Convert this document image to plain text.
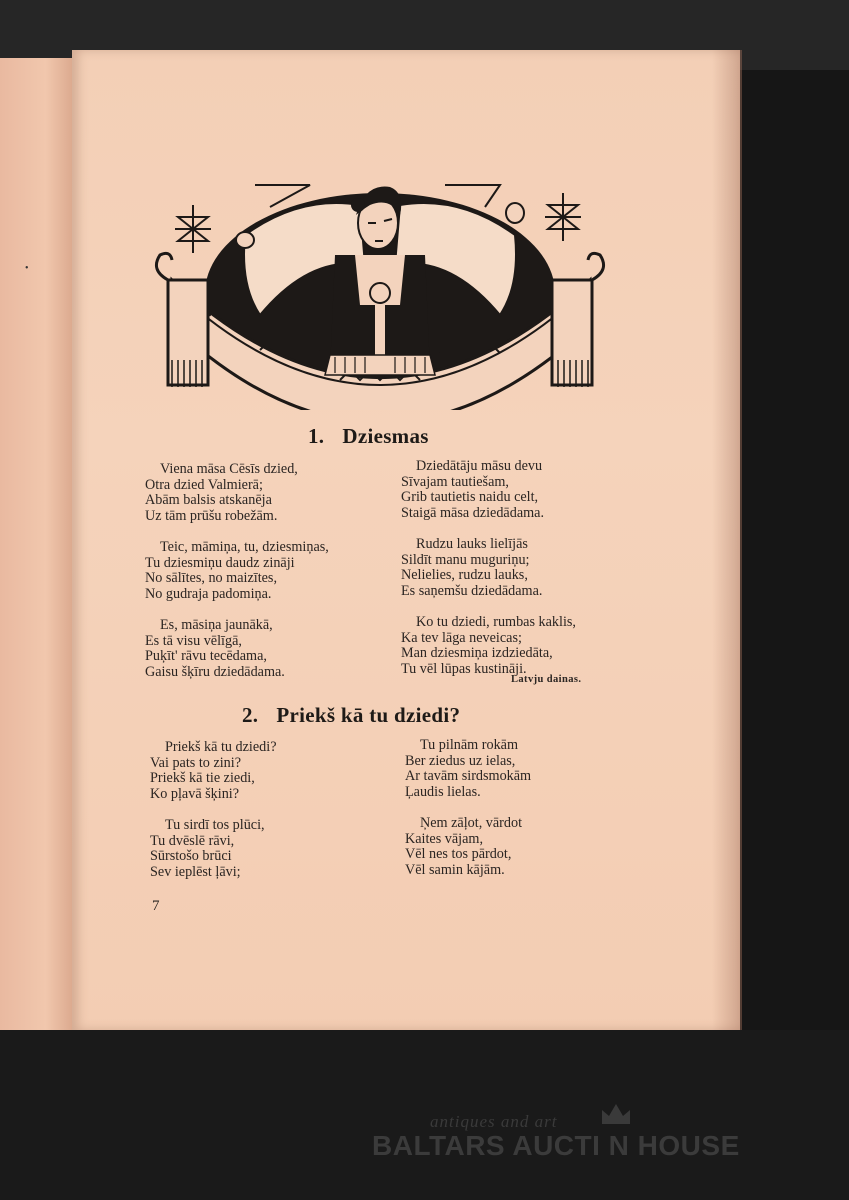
•
1. Dziesmas
Viena māsa Cēsīs dzied,
Otra dzied Valmierā;
Abām balsis atskanēja
Uz tām prūšu robežām.
Teic, māmiņa, tu, dziesmiņas,
Tu dziesmiņu daudz zināji
No sālītes, no maizītes,
No gudraja padomiņa.
Es, māsiņa jaunākā,
Es tā visu vēlīgā,
Puķīt' rāvu tecēdama,
Gaisu šķīru dziedādama.
Dziedātāju māsu devu
Sīvajam tautiešam,
Grib tautietis naidu celt,
Staigā māsa dziedādama.
Rudzu lauks lielījās
Sildīt manu muguriņu;
Nelielies, rudzu lauks,
Es saņemšu dziedādama.
Ko tu dziedi, rumbas kaklis,
Ka tev lāga neveicas;
Man dziesmiņa izdziedāta,
Tu vēl lūpas kustināji.
Latvju dainas.
2. Priekš kā tu dziedi?
Priekš kā tu dziedi?
Vai pats to zini?
Priekš kā tie ziedi,
Ko pļavā šķini?
Tu sirdī tos plūci,
Tu dvēslē rāvi,
Sūrstošo brūci
Sev ieplēst ļāvi;
Tu pilnām rokām
Ber ziedus uz ielas,
Ar tavām sirdsmokām
Ļaudis lielas.
Ņem zāļot, vārdot
Kaites vājam,
Vēl nes tos pārdot,
Vēl samin kājām.
7
antiques and art
BALTARS AUCTI N HOUSE
